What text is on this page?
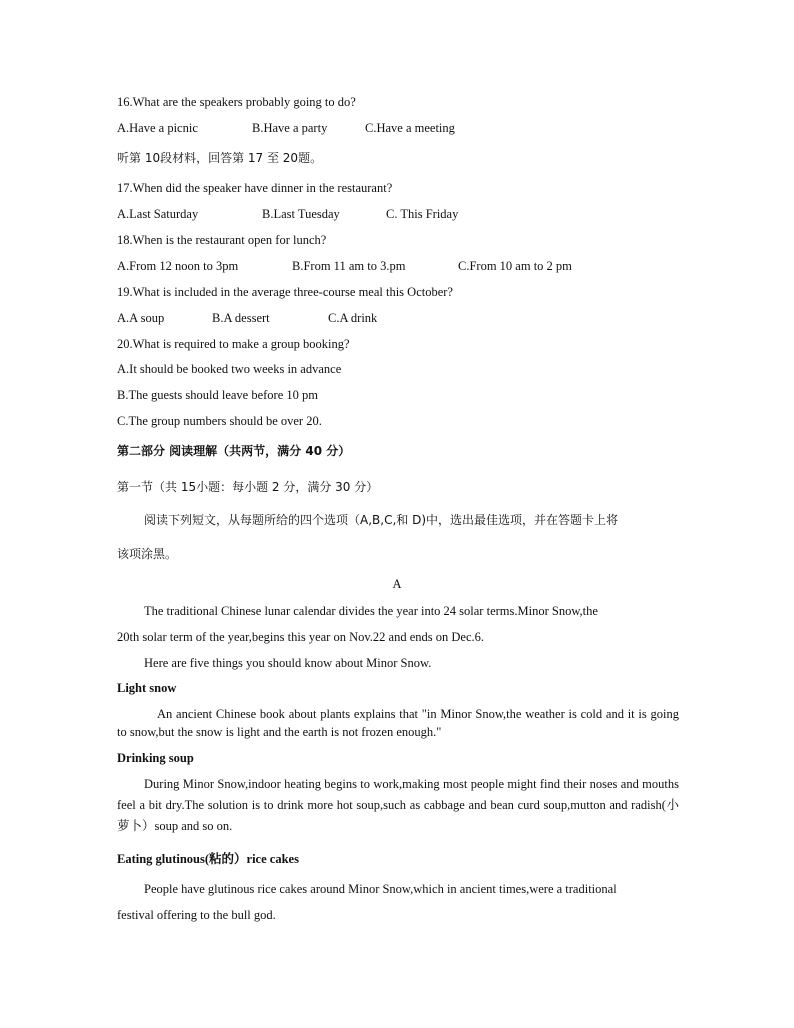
16.What are the speakers probably going to do?
A.Have a picnic	B.Have a party	C.Have a meeting
听第 10段材料，回答第 17 至 20题。
17.When did the speaker have dinner in the restaurant?
A.Last Saturday	B.Last Tuesday	C. This Friday
18.When is the restaurant open for lunch?
A.From 12 noon to 3pm	B.From 11 am to 3.pm	C.From 10 am to 2 pm
19.What is included in the average three-course meal this October?
A.A soup	B.A dessert	C.A drink
20.What is required to make a group booking?
A.It should be booked two weeks in advance
B.The guests should leave before 10 pm
C.The group numbers should be over 20.
第二部分 阅读理解（共两节，满分 40 分）
第一节（共 15小题：每小题 2 分，满分 30 分）
阅读下列短文，从每题所给的四个选项（A,B,C,和 D)中，选出最佳选项，并在答题卡上将
该项涂黑。
A
The traditional Chinese lunar calendar divides the year into 24 solar terms.Minor Snow,the
20th solar term of the year,begins this year on Nov.22 and ends on Dec.6.
Here are five things you should know about Minor Snow.
Light snow
An ancient Chinese book about plants explains that "in Minor Snow,the weather is cold and it is going to snow,but the snow is light and the earth is not frozen enough."
Drinking soup
During Minor Snow,indoor heating begins to work,making most people might find their noses and mouths feel a bit dry.The solution is to drink more hot soup,such as cabbage and bean curd soup,mutton and radish(小萝卜）soup and so on.
Eating glutinous(粘的）rice cakes
People have glutinous rice cakes around Minor Snow,which in ancient times,were a traditional
festival offering to the bull god.
